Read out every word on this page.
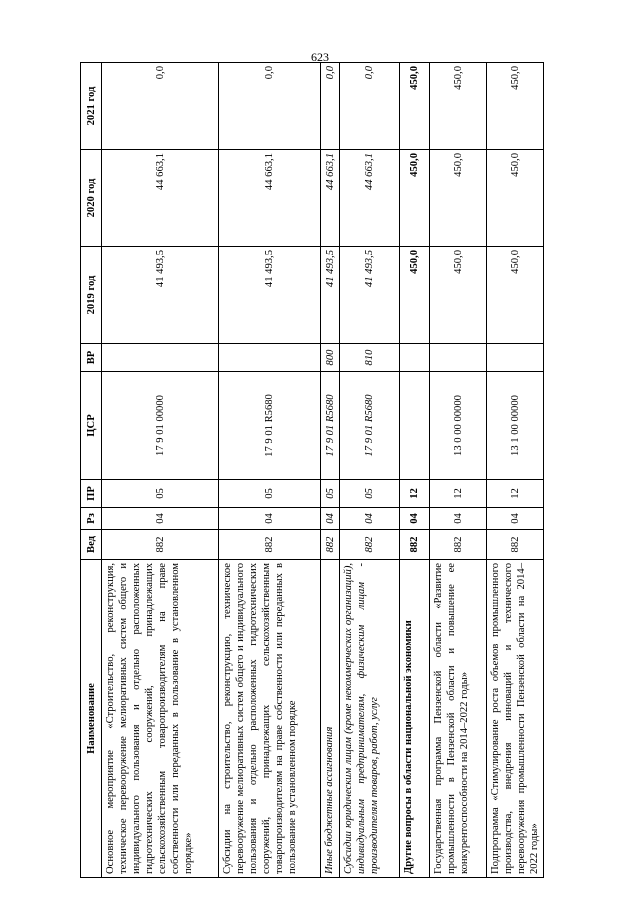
623
Наименование	Вед	Рз	ПР	ЦСР	ВР	2019 год	2020 год	2021 год
Основное мероприятие «Строительство, реконструкция, техническое перевооружение мелиоративных систем общего и индивидуального пользования и отдельно расположенных гидротехнических сооружений, принадлежащих сельскохозяйственным товаропроизводителям на праве собственности или переданных в пользование в установленном порядке»	882	04	05	17 9 01 00000		41 493,5	44 663,1	0,0
Субсидии на строительство, реконструкцию, техническое перевооружение мелиоративных систем общего и индивидуального пользования и отдельно расположенных гидротехнических сооружений, принадлежащих сельскохозяйственным товаропроизводителям на праве собственности или переданных в пользование в установленном порядке	882	04	05	17 9 01 R5680		41 493,5	44 663,1	0,0
Иные бюджетные ассигнования	882	04	05	17 9 01 R5680	800	41 493,5	44 663,1	0,0
Субсидии юридическим лицам (кроме некоммерческих организаций), индивидуальным предпринимателям, физическим лицам - производителям товаров, работ, услуг	882	04	05	17 9 01 R5680	810	41 493,5	44 663,1	0,0
Другие вопросы в области национальной экономики	882	04	12			450,0	450,0	450,0
Государственная программа Пензенской области «Развитие промышленности в Пензенской области и повышение ее конкурентоспособности на 2014–2022 годы»	882	04	12	13 0 00 00000		450,0	450,0	450,0
Подпрограмма «Стимулирование роста объемов промышленного производства, внедрения инноваций и технического перевооружения промышленности Пензенской области на 2014–2022 годы»	882	04	12	13 1 00 00000		450,0	450,0	450,0
